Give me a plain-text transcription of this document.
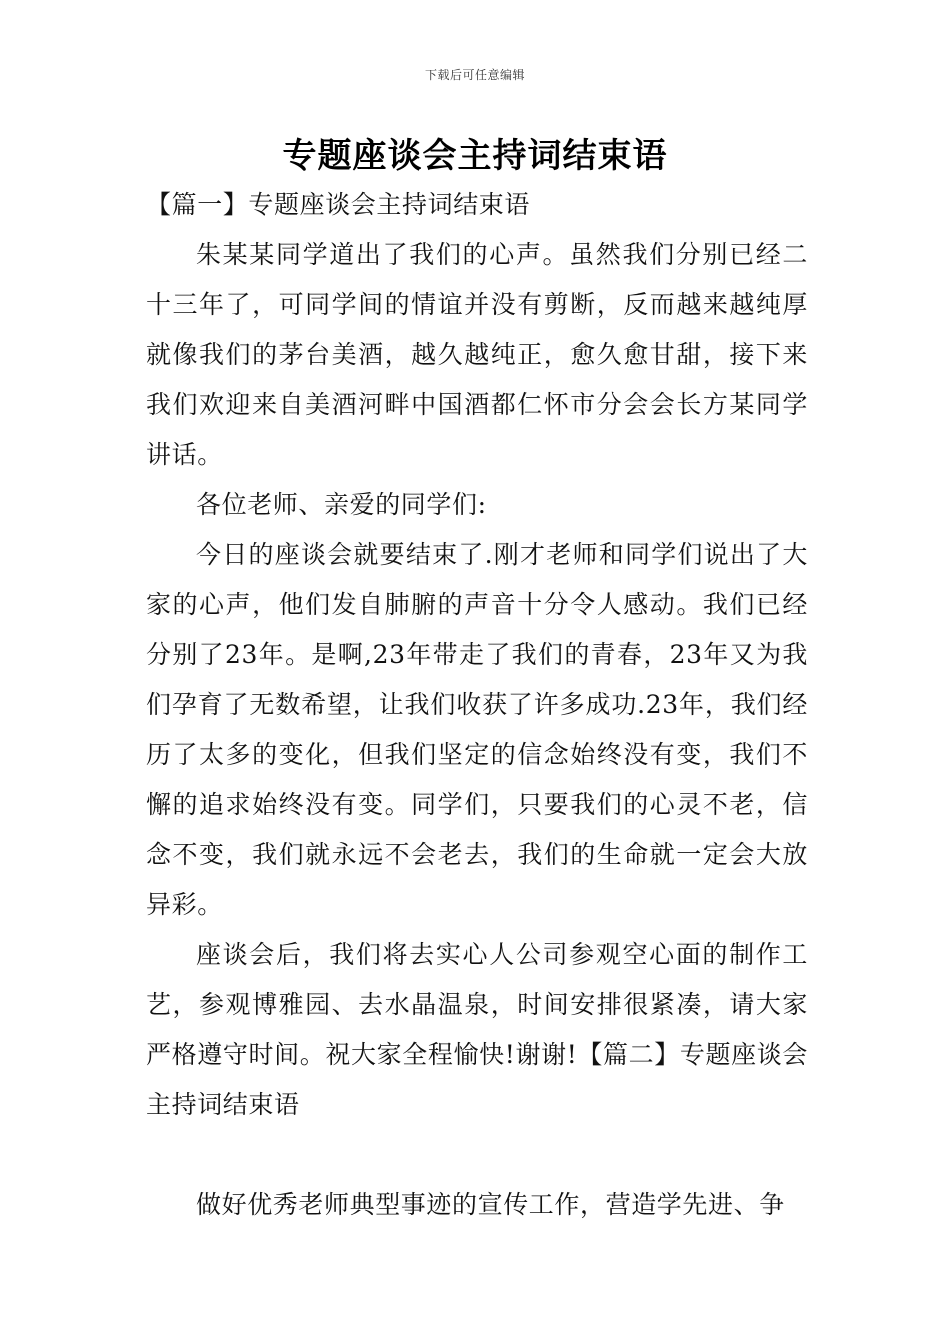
下载后可任意编辑
专题座谈会主持词结束语

【篇一】专题座谈会主持词结束语

朱某某同学道出了我们的心声。虽然我们分别已经二十三年了，可同学间的情谊并没有剪断，反而越来越纯厚就像我们的茅台美酒，越久越纯正，愈久愈甘甜，接下来我们欢迎来自美酒河畔中国酒都仁怀市分会会长方某同学讲话。

各位老师、亲爱的同学们:

今日的座谈会就要结束了.刚才老师和同学们说出了大家的心声，他们发自肺腑的声音十分令人感动。我们已经分别了23年。是啊,23年带走了我们的青春，23年又为我们孕育了无数希望，让我们收获了许多成功.23年，我们经历了太多的变化，但我们坚定的信念始终没有变，我们不懈的追求始终没有变。同学们，只要我们的心灵不老，信念不变，我们就永远不会老去，我们的生命就一定会大放异彩。

座谈会后，我们将去实心人公司参观空心面的制作工艺，参观博雅园、去水晶温泉，时间安排很紧凑，请大家严格遵守时间。祝大家全程愉快!谢谢!【篇二】专题座谈会主持词结束语

做好优秀老师典型事迹的宣传工作，营造学先进、争
